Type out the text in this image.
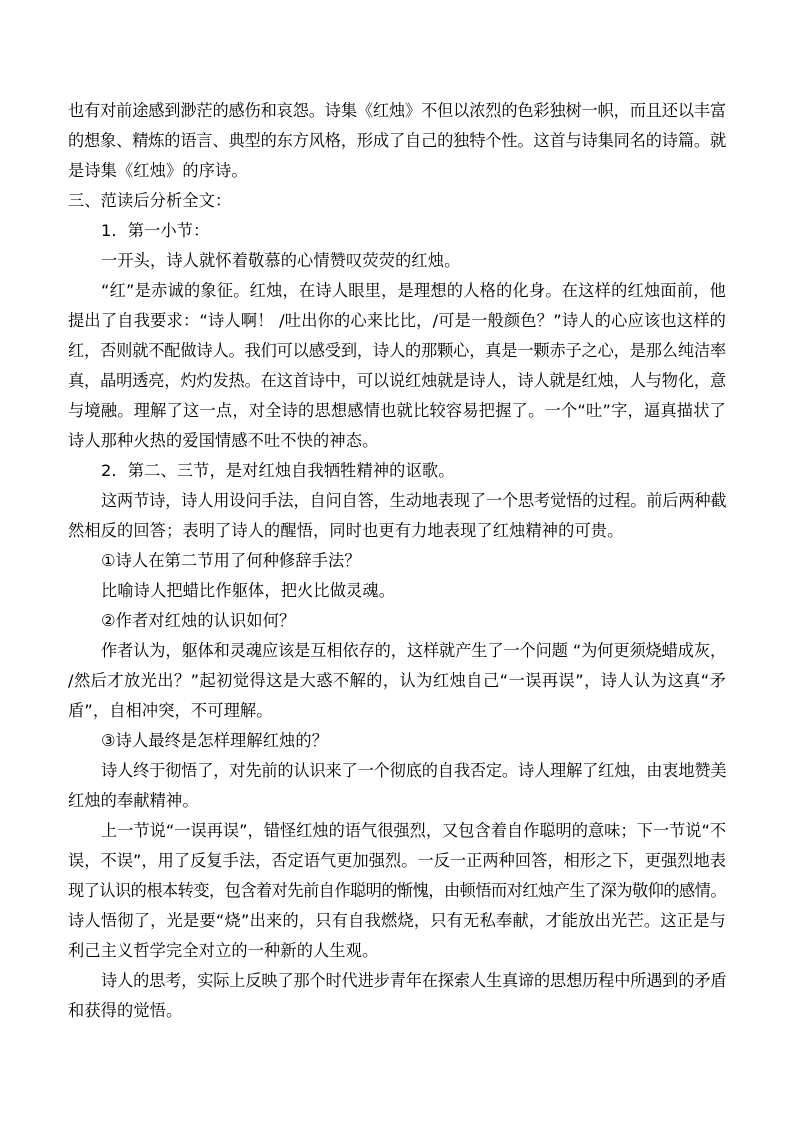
也有对前途感到渺茫的感伤和哀怨。诗集《红烛》不但以浓烈的色彩独树一帜，而且还以丰富
的想象、精炼的语言、典型的东方风格，形成了自己的独特个性。这首与诗集同名的诗篇。就
是诗集《红烛》的序诗。
三、范读后分析全文：
1．第一小节：
一开头，诗人就怀着敬慕的心情赞叹荧荧的红烛。
“红”是赤诚的象征。红烛，在诗人眼里，是理想的人格的化身。在这样的红烛面前，他
提出了自我要求：“诗人啊！ /吐出你的心来比比，/可是一般颜色？”诗人的心应该也这样的
红，否则就不配做诗人。我们可以感受到，诗人的那颗心，真是一颗赤子之心，是那么纯洁率
真，晶明透亮，灼灼发热。在这首诗中，可以说红烛就是诗人，诗人就是红烛，人与物化，意
与境融。理解了这一点，对全诗的思想感情也就比较容易把握了。一个“吐”字，逼真描状了
诗人那种火热的爱国情感不吐不快的神态。
2．第二、三节，是对红烛自我牺牲精神的讴歌。
这两节诗，诗人用设问手法，自问自答，生动地表现了一个思考觉悟的过程。前后两种截
然相反的回答；表明了诗人的醒悟，同时也更有力地表现了红烛精神的可贵。
①诗人在第二节用了何种修辞手法？
比喻诗人把蜡比作躯体，把火比做灵魂。
②作者对红烛的认识如何？
作者认为，躯体和灵魂应该是互相依存的，这样就产生了一个问题 “为何更须烧蜡成灰，
/然后才放光出？”起初觉得这是大惑不解的，认为红烛自己“一误再误”，诗人认为这真“矛
盾”，自相冲突，不可理解。
③诗人最终是怎样理解红烛的？
诗人终于彻悟了，对先前的认识来了一个彻底的自我否定。诗人理解了红烛，由衷地赞美
红烛的奉献精神。
上一节说“一误再误”，错怪红烛的语气很强烈，又包含着自作聪明的意味；下一节说“不
误，不误”，用了反复手法，否定语气更加强烈。一反一正两种回答，相形之下，更强烈地表
现了认识的根本转变，包含着对先前自作聪明的惭愧，由顿悟而对红烛产生了深为敬仰的感情。
诗人悟彻了，光是要“烧”出来的，只有自我燃烧，只有无私奉献，才能放出光芒。这正是与
利己主义哲学完全对立的一种新的人生观。
诗人的思考，实际上反映了那个时代进步青年在探索人生真谛的思想历程中所遇到的矛盾
和获得的觉悟。
